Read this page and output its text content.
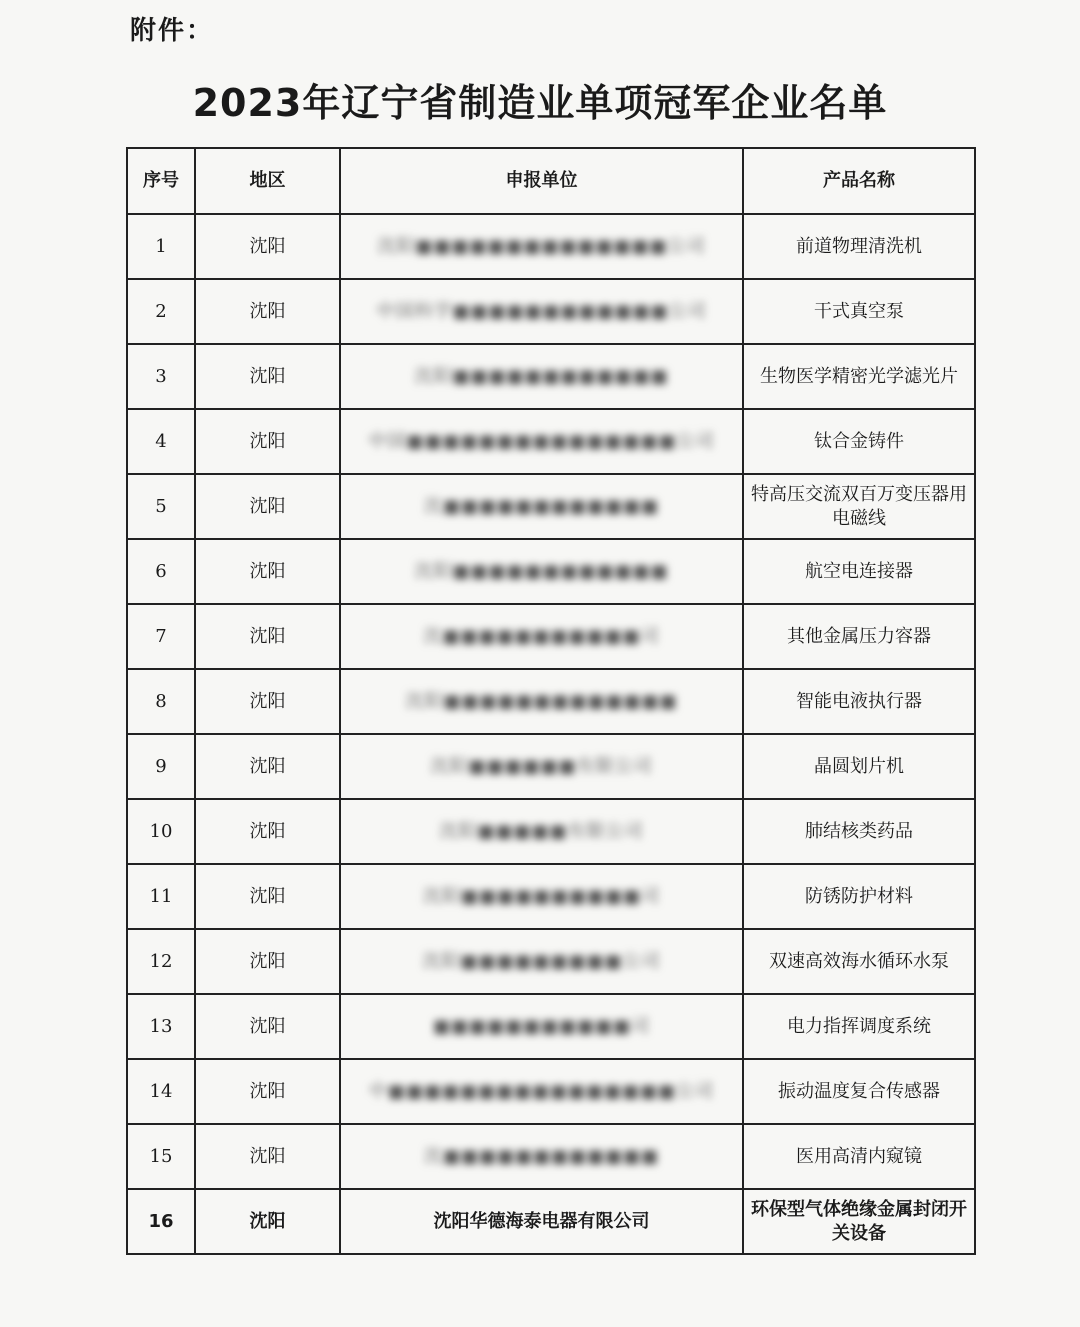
附件：
2023年辽宁省制造业单项冠军企业名单
序号	地区	申报单位	产品名称
1	沈阳	沈阳■■■■■■■■■■■■■■公司	前道物理清洗机
2	沈阳	中国科学■■■■■■■■■■■■公司	干式真空泵
3	沈阳	沈阳■■■■■■■■■■■■	生物医学精密光学滤光片
4	沈阳	中国■■■■■■■■■■■■■■■公司	钛合金铸件
5	沈阳	沈■■■■■■■■■■■■	特高压交流双百万变压器用电磁线
6	沈阳	沈阳■■■■■■■■■■■■	航空电连接器
7	沈阳	沈■■■■■■■■■■■司	其他金属压力容器
8	沈阳	沈阳■■■■■■■■■■■■■	智能电液执行器
9	沈阳	沈阳■■■■■■有限公司	晶圆划片机
10	沈阳	沈阳■■■■■有限公司	肺结核类药品
11	沈阳	沈阳■■■■■■■■■■司	防锈防护材料
12	沈阳	沈阳■■■■■■■■■公司	双速高效海水循环水泵
13	沈阳	■■■■■■■■■■■司	电力指挥调度系统
14	沈阳	中■■■■■■■■■■■■■■■■公司	振动温度复合传感器
15	沈阳	沈■■■■■■■■■■■■	医用高清内窥镜
16	沈阳	沈阳华德海泰电器有限公司	环保型气体绝缘金属封闭开关设备
